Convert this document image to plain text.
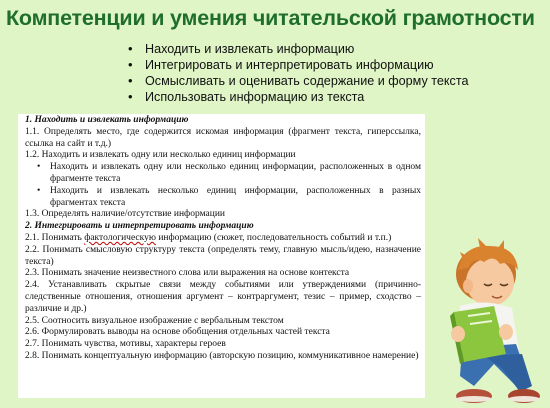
Компетенции и умения читательской грамотности
• Находить и извлекать информацию
• Интегрировать и интерпретировать информацию
• Осмысливать и оценивать содержание и форму текста
• Использовать информацию из текста

1. Находить и извлекать информацию

1.1. Определять место, где содержится искомая информация (фрагмент текста, гиперссылка, ссылка на сайт и т.д.)

1.2. Находить и извлекать одну или несколько единиц информации

• Находить и извлекать одну или несколько единиц информации, расположенных в одном фрагменте текста

• Находить и извлекать несколько единиц информации, расположенных в разных фрагментах текста

1.3. Определять наличие/отсутствие информации

2. Интегрировать и интерпретировать информацию

2.1. Понимать фактологическую информацию (сюжет, последовательность событий и т.п.)

2.2. Понимать смысловую структуру текста (определять тему, главную мысль/идею, назначение текста)

2.3. Понимать значение неизвестного слова или выражения на основе контекста

2.4. Устанавливать скрытые связи между событиями или утверждениями (причинно-следственные отношения, отношения аргумент – контраргумент, тезис – пример, сходство – различие и др.)

2.5. Соотносить визуальное изображение с вербальным текстом

2.6. Формулировать выводы на основе обобщения отдельных частей текста

2.7. Понимать чувства, мотивы, характеры героев

2.8. Понимать концептуальную информацию (авторскую позицию, коммуникативное намерение)
